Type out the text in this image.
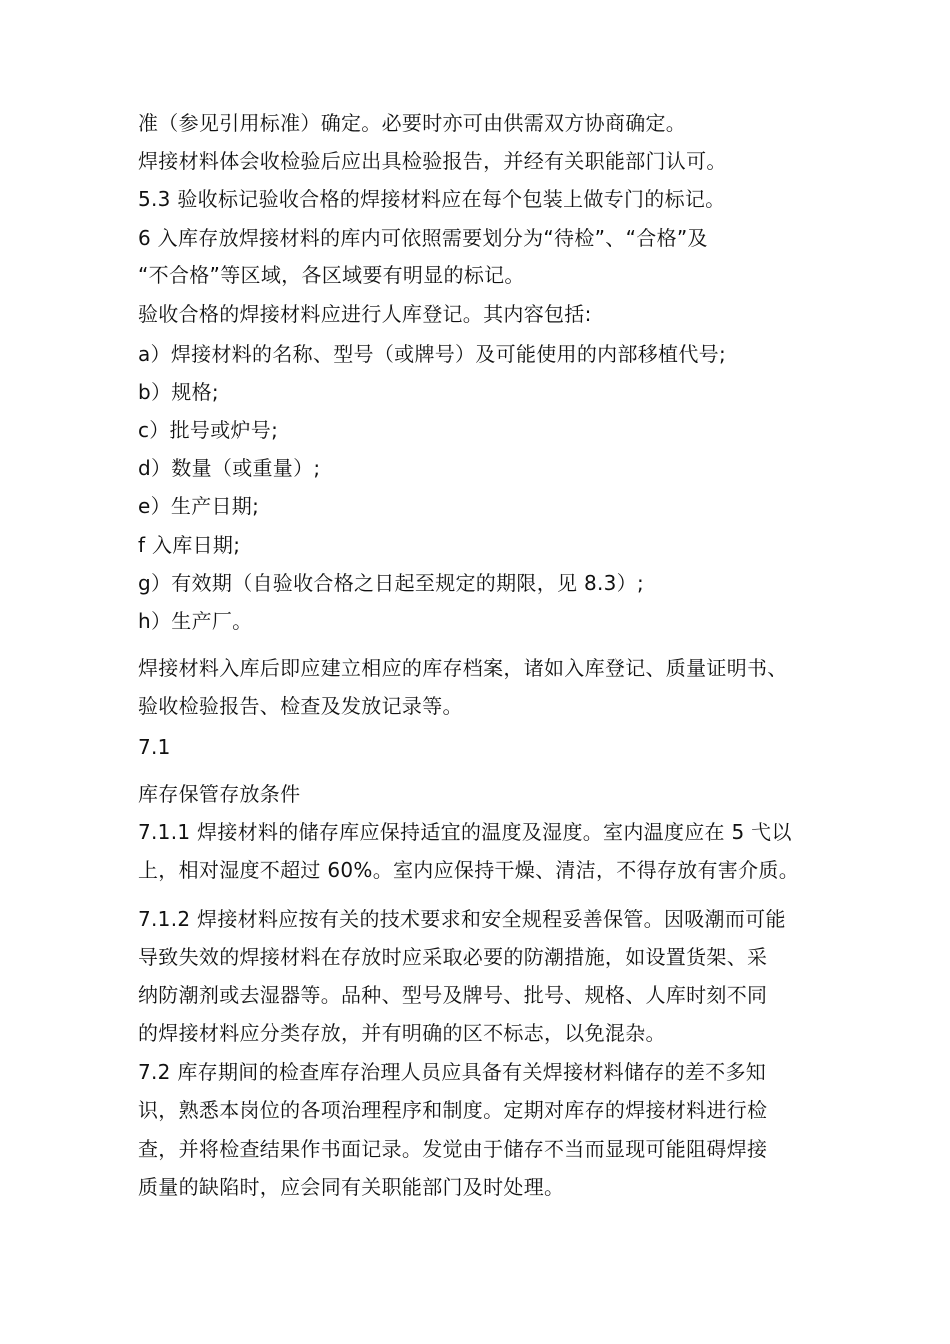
准（参见引用标准）确定。必要时亦可由供需双方协商确定。
焊接材料体会收检验后应出具检验报告，并经有关职能部门认可。
5.3 验收标记验收合格的焊接材料应在每个包装上做专门的标记。
6 入库存放焊接材料的库内可依照需要划分为“待检”、“合格”及
“不合格”等区域，各区域要有明显的标记。
验收合格的焊接材料应进行人库登记。其内容包括:
a）焊接材料的名称、型号（或牌号）及可能使用的内部移植代号;
b）规格;
c）批号或炉号;
d）数量（或重量）;
e）生产日期;
f 入库日期;
g）有效期（自验收合格之日起至规定的期限，见 8.3）;
h）生产厂。
焊接材料入库后即应建立相应的库存档案，诸如入库登记、质量证明书、
验收检验报告、检查及发放记录等。
7.1
库存保管存放条件
7.1.1 焊接材料的储存库应保持适宜的温度及湿度。室内温度应在 5 弋以
上，相对湿度不超过 60%。室内应保持干燥、清洁，不得存放有害介质。
7.1.2 焊接材料应按有关的技术要求和安全规程妥善保管。因吸潮而可能
导致失效的焊接材料在存放时应采取必要的防潮措施，如设置货架、采
纳防潮剂或去湿器等。品种、型号及牌号、批号、规格、人库时刻不同
的焊接材料应分类存放，并有明确的区不标志，以免混杂。
7.2 库存期间的检查库存治理人员应具备有关焊接材料储存的差不多知
识，熟悉本岗位的各项治理程序和制度。定期对库存的焊接材料进行检
查，并将检查结果作书面记录。发觉由于储存不当而显现可能阻碍焊接
质量的缺陷时，应会同有关职能部门及时处理。
